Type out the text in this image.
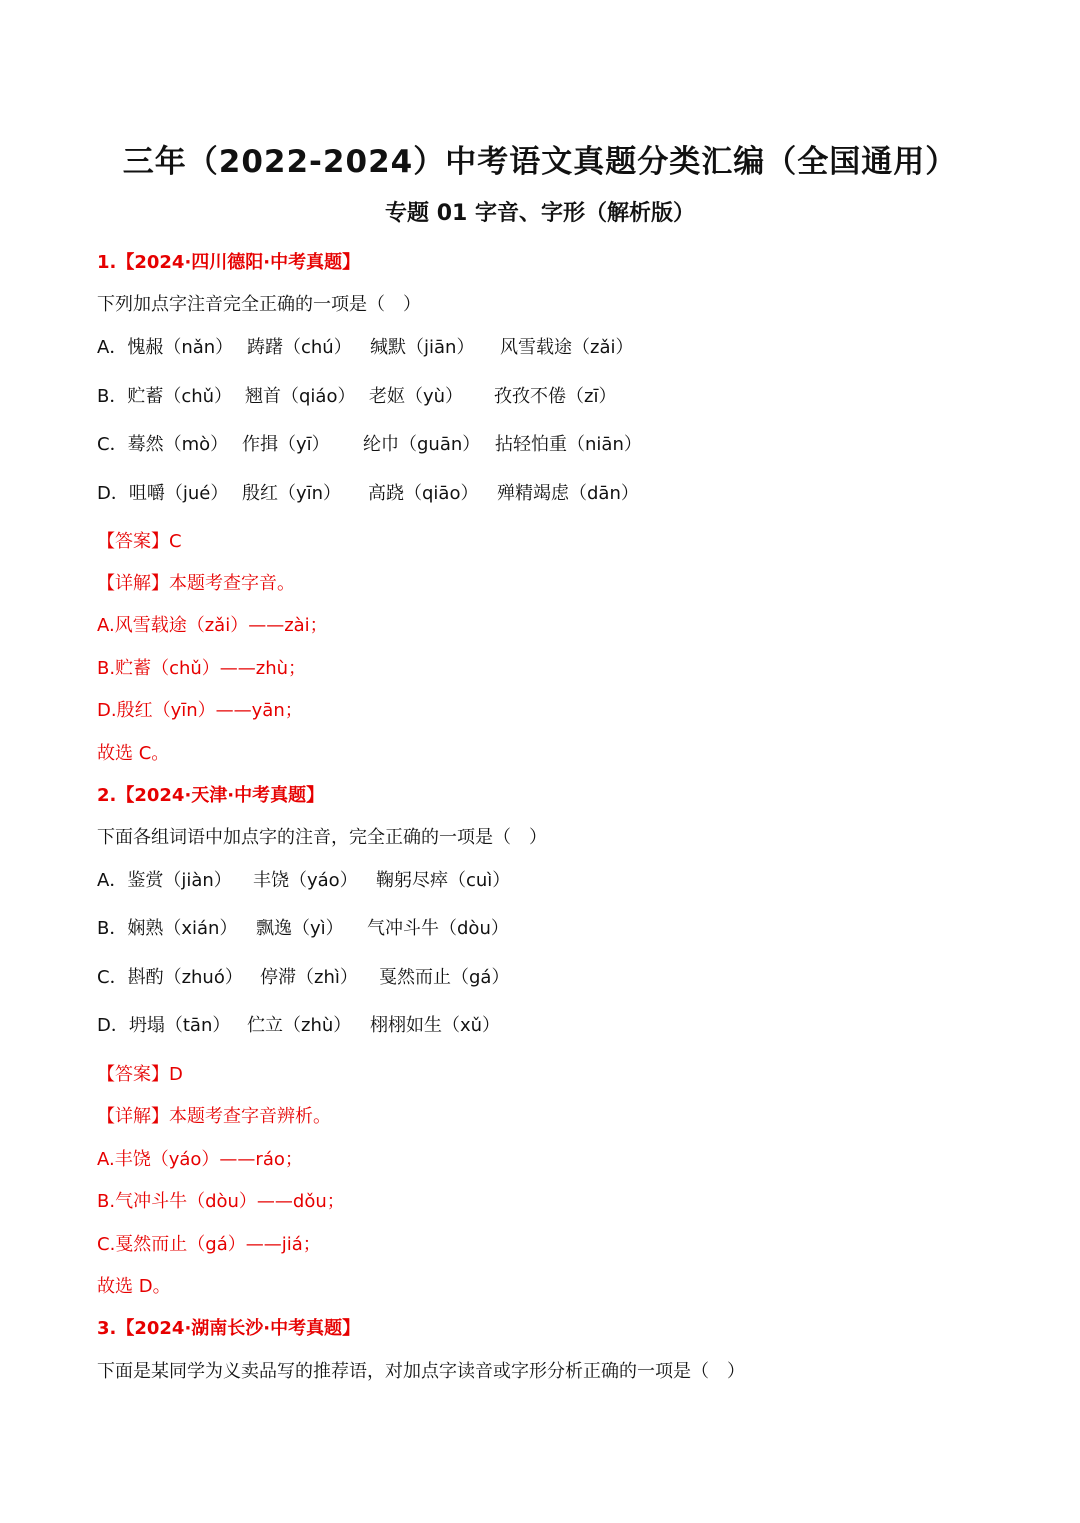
三年（2022-2024）中考语文真题分类汇编（全国通用）
专题 01 字音、字形（解析版）
1.【2024·四川德阳·中考真题】
下列加点字注音完全正确的一项是（　）
A．愧赧（nǎn） 踌躇（chú） 缄默（jiān） 风雪载途（zǎi）
B．贮蓄（chǔ） 翘首（qiáo） 老妪（yù） 孜孜不倦（zī）
C．蓦然（mò） 作揖（yī） 纶巾（guān） 拈轻怕重（niān）
D．咀嚼（jué） 殷红（yīn） 高跷（qiāo） 殚精竭虑（dān）
【答案】C
【详解】本题考查字音。
A.风雪载途（zǎi）——zài；
B.贮蓄（chǔ）——zhù；
D.殷红（yīn）——yān；
故选 C。
2.【2024·天津·中考真题】
下面各组词语中加点字的注音，完全正确的一项是（　）
A．鉴赏（jiàn） 丰饶（yáo） 鞠躬尽瘁（cuì）
B．娴熟（xián） 飘逸（yì） 气冲斗牛（dòu）
C．斟酌（zhuó） 停滞（zhì） 戛然而止（gá）
D．坍塌（tān） 伫立（zhù） 栩栩如生（xǔ）
【答案】D
【详解】本题考查字音辨析。
A.丰饶（yáo）——ráo；
B.气冲斗牛（dòu）——dǒu；
C.戛然而止（gá）——jiá；
故选 D。
3.【2024·湖南长沙·中考真题】
下面是某同学为义卖品写的推荐语，对加点字读音或字形分析正确的一项是（　）
